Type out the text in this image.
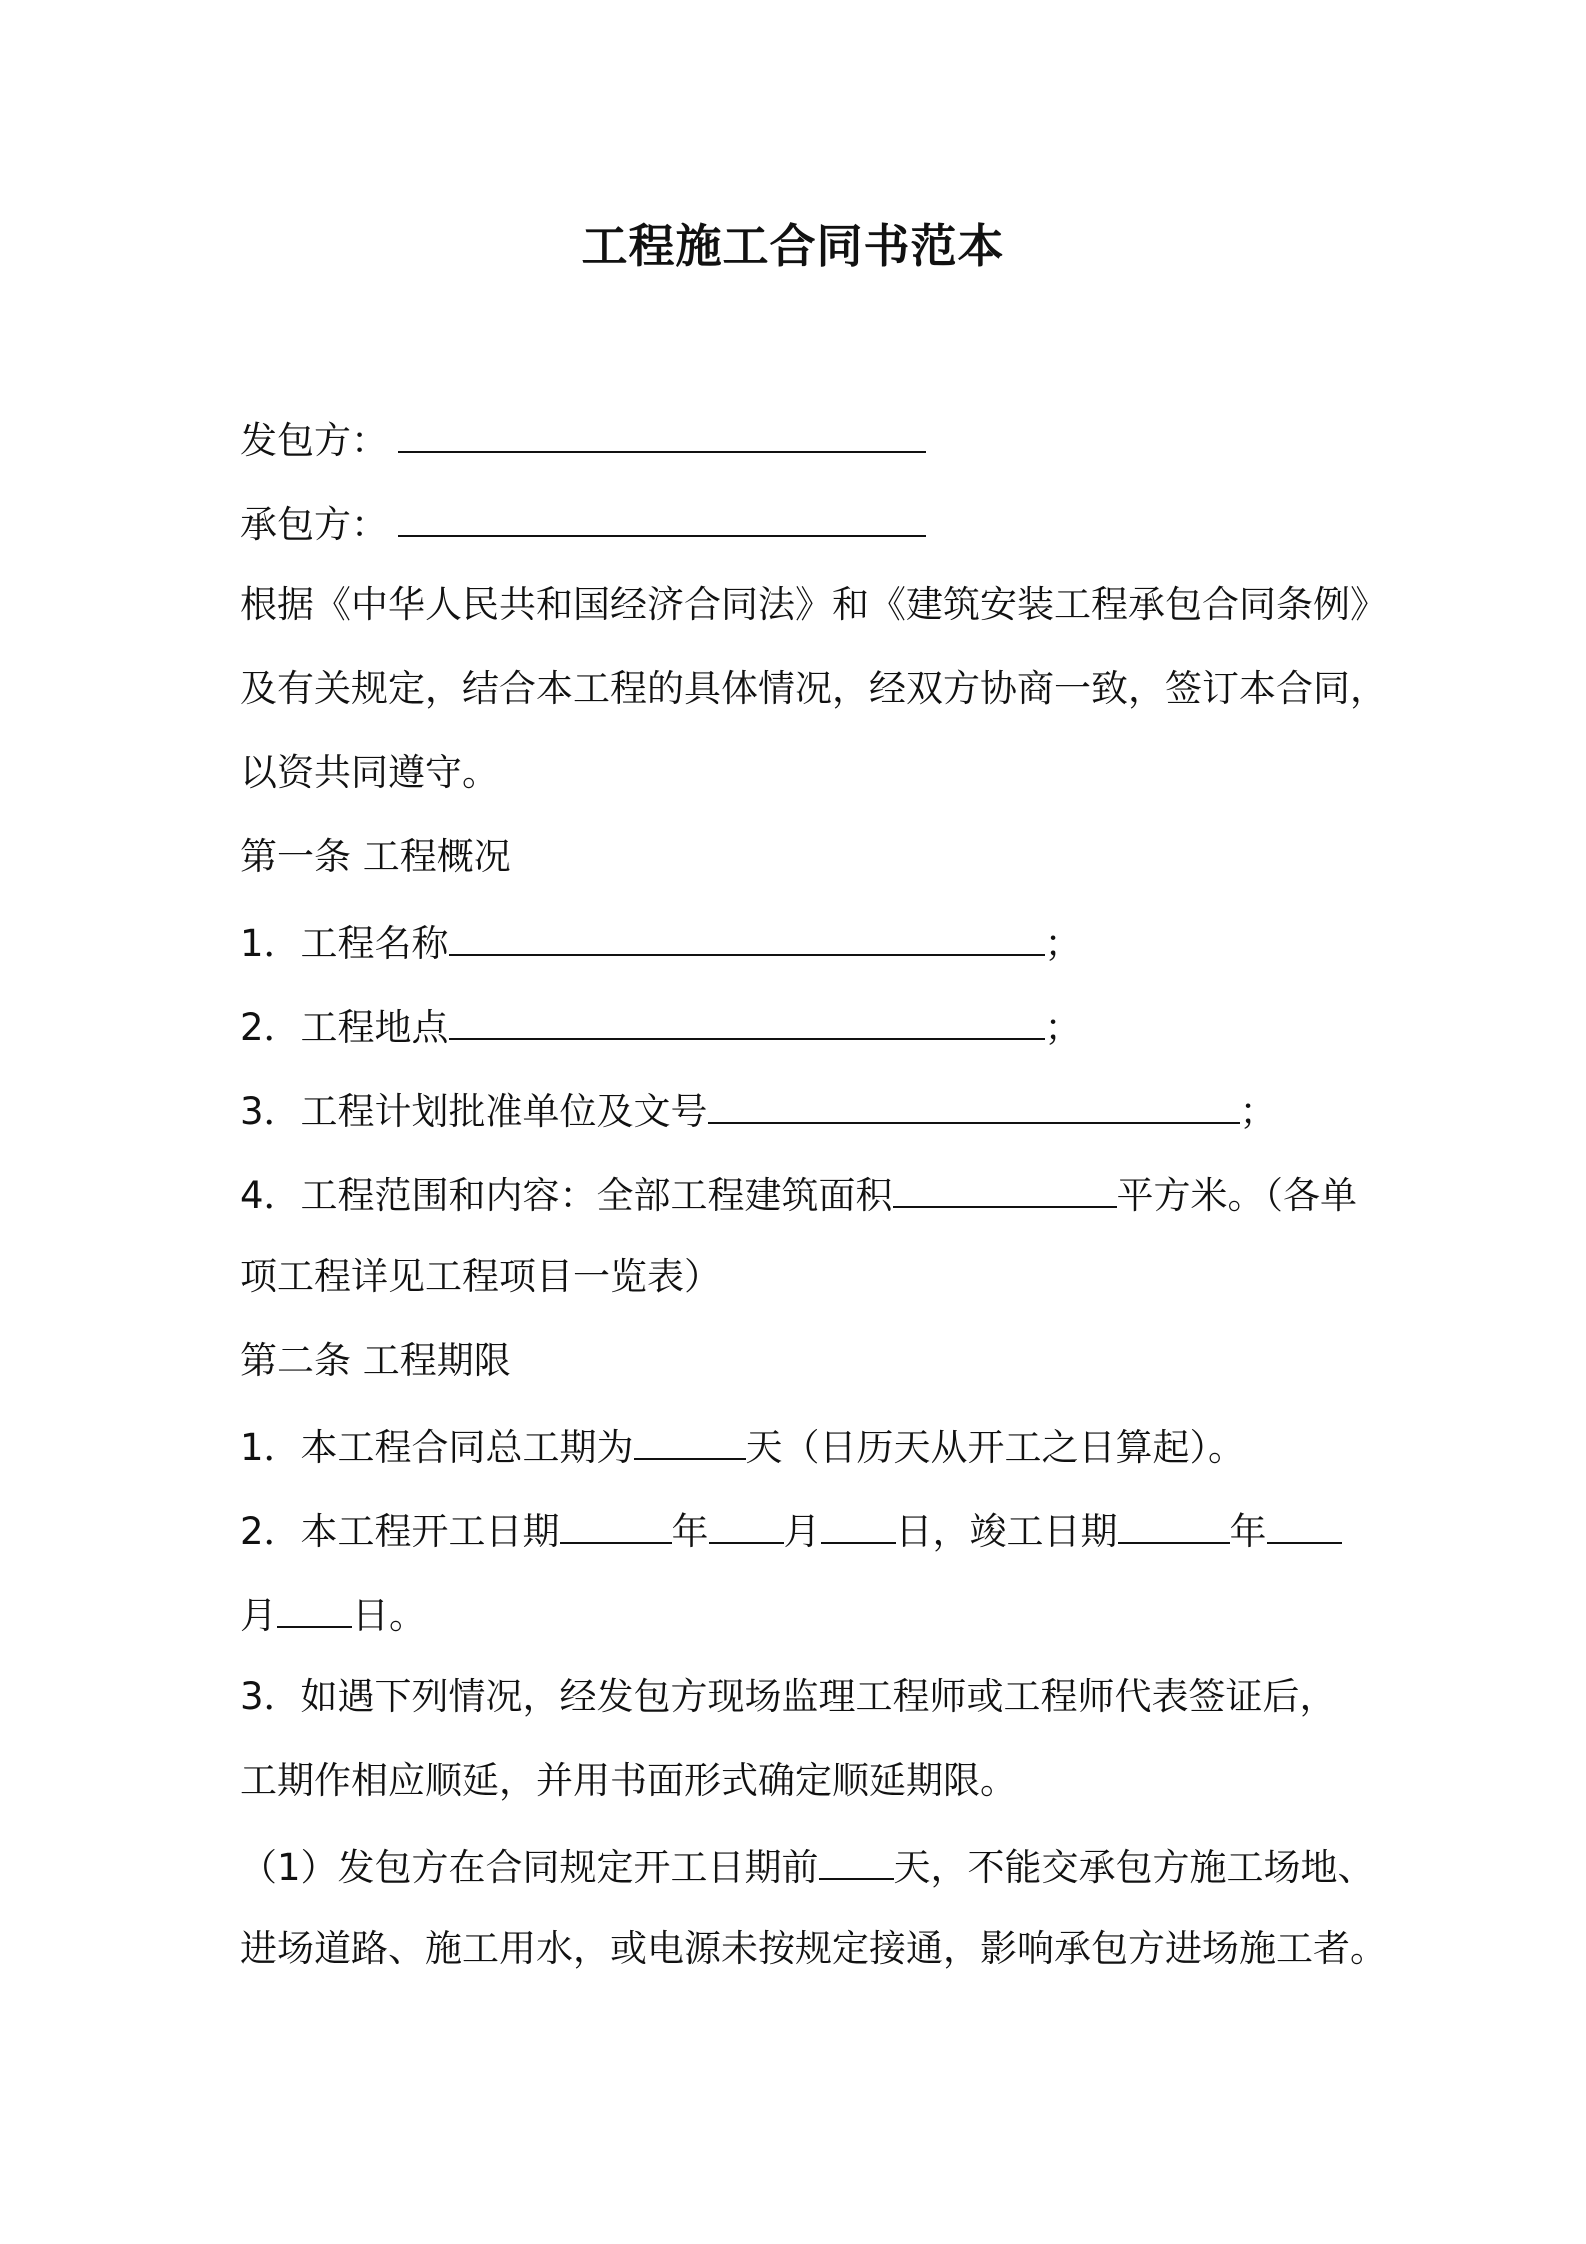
工程施工合同书范本
发包方：
承包方：
根据《中华人民共和国经济合同法》和《建筑安装工程承包合同条例》
及有关规定，结合本工程的具体情况，经双方协商一致，签订本合同，
以资共同遵守。
第一条 工程概况
1．工程名称	；
2．工程地点	；
3．工程计划批准单位及文号	；
4．工程范围和内容：全部工程建筑面积	平方米。（各单
项工程详见工程项目一览表）
第二条 工程期限
1．本工程合同总工期为	天（日历天从开工之日算起）。
2．本工程开工日期	年 月 日，竣工日期	年
月 日。
3．如遇下列情况，经发包方现场监理工程师或工程师代表签证后，
工期作相应顺延，并用书面形式确定顺延期限。
（1）发包方在合同规定开工日期前 天，不能交承包方施工场地、
进场道路、施工用水，或电源未按规定接通，影响承包方进场施工者。
